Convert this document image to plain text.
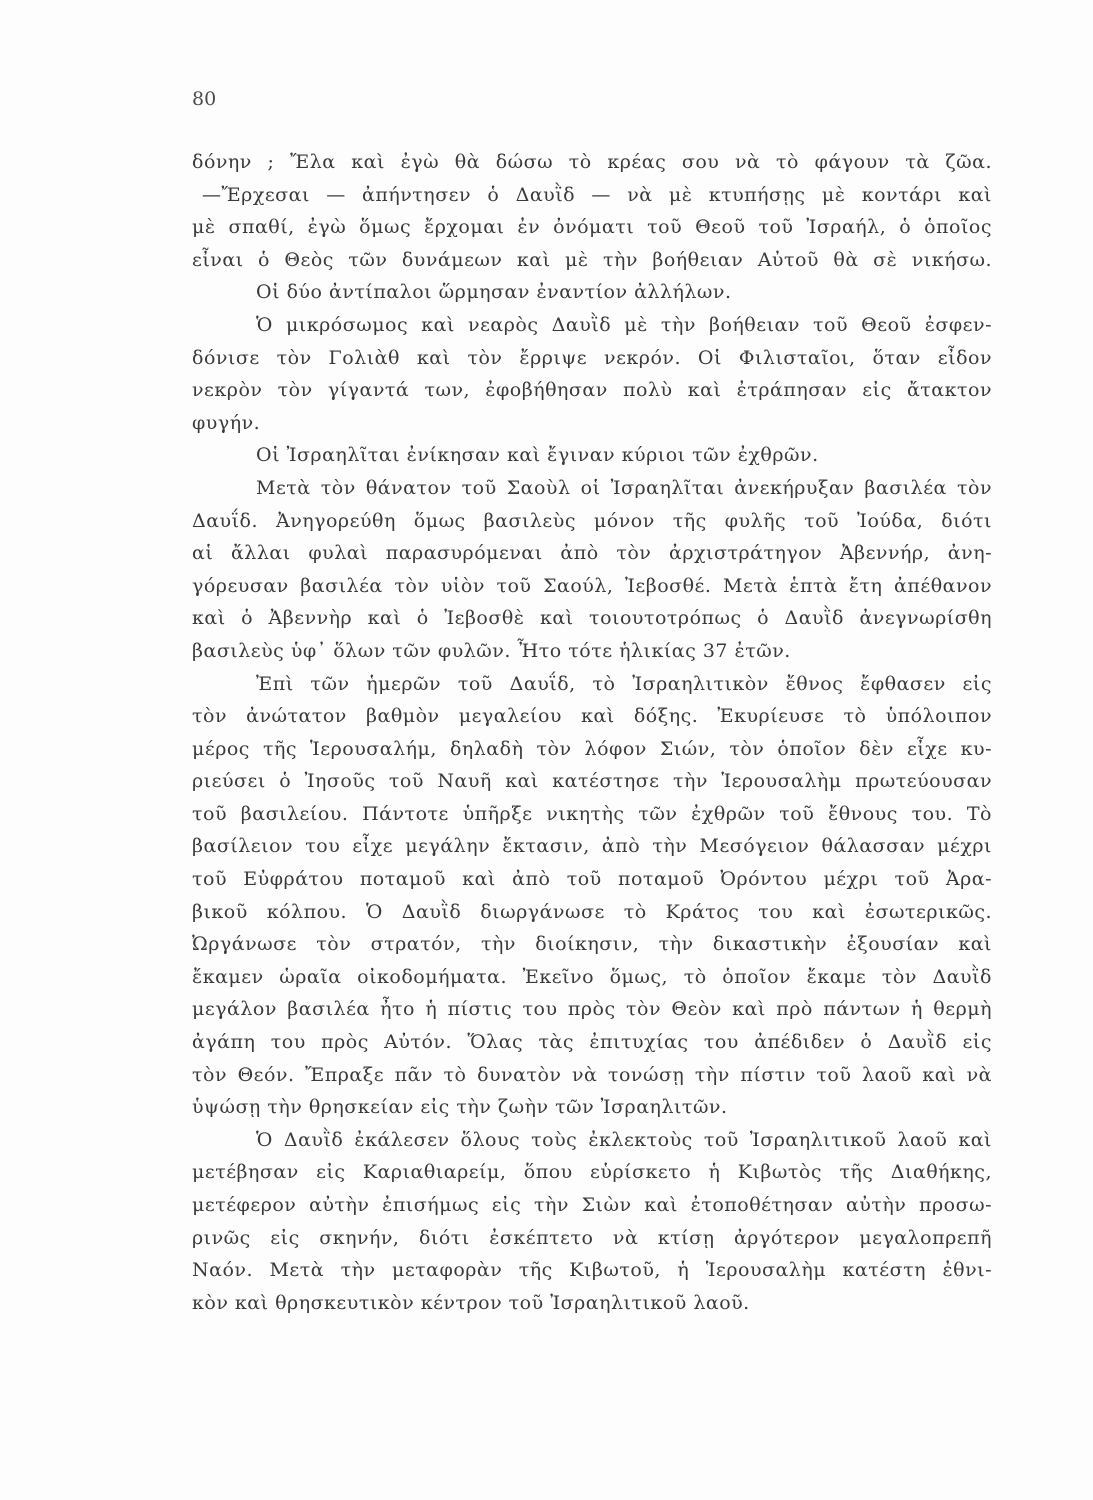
80
δόνην ; Ἔλα καὶ ἐγὼ θὰ δώσω τὸ κρέας σου νὰ τὸ φάγουν τὰ ζῶα.
—Ἔρχεσαι — ἀπήντησεν ὁ Δαυῒδ — νὰ μὲ κτυπήσῃς μὲ κοντάρι καὶ
μὲ σπαθί, ἐγὼ ὅμως ἔρχομαι ἐν ὀνόματι τοῦ Θεοῦ τοῦ Ἰσραήλ, ὁ ὁποῖος
εἶναι ὁ Θεὸς τῶν δυνάμεων καὶ μὲ τὴν βοήθειαν Αὐτοῦ θὰ σὲ νικήσω.
Οἱ δύο ἀντίπαλοι ὥρμησαν ἐναντίον ἀλλήλων.
Ὁ μικρόσωμος καὶ νεαρὸς Δαυῒδ μὲ τὴν βοήθειαν τοῦ Θεοῦ ἐσφεν-
δόνισε τὸν Γολιὰθ καὶ τὸν ἔρριψε νεκρόν. Οἱ Φιλισταῖοι, ὅταν εἶδον
νεκρὸν τὸν γίγαντά των, ἐφοβήθησαν πολὺ καὶ ἐτράπησαν εἰς ἄτακτον
φυγήν.
Οἱ Ἰσραηλῖται ἐνίκησαν καὶ ἔγιναν κύριοι τῶν ἐχθρῶν.
Μετὰ τὸν θάνατον τοῦ Σαοὺλ οἱ Ἰσραηλῖται ἀνεκήρυξαν βασιλέα τὸν
Δαυΐδ. Ἀνηγορεύθη ὅμως βασιλεὺς μόνον τῆς φυλῆς τοῦ Ἰούδα, διότι
αἱ ἄλλαι φυλαὶ παρασυρόμεναι ἀπὸ τὸν ἀρχιστράτηγον Ἀβεννήρ, ἀνη-
γόρευσαν βασιλέα τὸν υἱὸν τοῦ Σαούλ, Ἰεβοσθέ. Μετὰ ἑπτὰ ἔτη ἀπέθανον
καὶ ὁ Ἀβεννὴρ καὶ ὁ Ἰεβοσθὲ καὶ τοιουτοτρόπως ὁ Δαυῒδ ἀνεγνωρίσθη
βασιλεὺς ὑφ᾽ ὅλων τῶν φυλῶν. Ἦτο τότε ἡλικίας 37 ἐτῶν.
Ἐπὶ τῶν ἡμερῶν τοῦ Δαυΐδ, τὸ Ἰσραηλιτικὸν ἔθνος ἔφθασεν εἰς
τὸν ἀνώτατον βαθμὸν μεγαλείου καὶ δόξης. Ἐκυρίευσε τὸ ὑπόλοιπον
μέρος τῆς Ἱερουσαλήμ, δηλαδὴ τὸν λόφον Σιών, τὸν ὁποῖον δὲν εἶχε κυ-
ριεύσει ὁ Ἰησοῦς τοῦ Ναυῆ καὶ κατέστησε τὴν Ἱερουσαλὴμ πρωτεύουσαν
τοῦ βασιλείου. Πάντοτε ὑπῆρξε νικητὴς τῶν ἐχθρῶν τοῦ ἔθνους του. Τὸ
βασίλειον του εἶχε μεγάλην ἔκτασιν, ἀπὸ τὴν Μεσόγειον θάλασσαν μέχρι
τοῦ Εὐφράτου ποταμοῦ καὶ ἀπὸ τοῦ ποταμοῦ Ὀρόντου μέχρι τοῦ Ἀρα-
βικοῦ κόλπου. Ὁ Δαυῒδ διωργάνωσε τὸ Κράτος του καὶ ἐσωτερικῶς.
Ὠργάνωσε τὸν στρατόν, τὴν διοίκησιν, τὴν δικαστικὴν ἐξουσίαν καὶ
ἔκαμεν ὡραῖα οἰκοδομήματα. Ἐκεῖνο ὅμως, τὸ ὁποῖον ἔκαμε τὸν Δαυῒδ
μεγάλον βασιλέα ἦτο ἡ πίστις του πρὸς τὸν Θεὸν καὶ πρὸ πάντων ἡ θερμὴ
ἀγάπη του πρὸς Αὐτόν. Ὅλας τὰς ἐπιτυχίας του ἀπέδιδεν ὁ Δαυῒδ εἰς
τὸν Θεόν. Ἔπραξε πᾶν τὸ δυνατὸν νὰ τονώσῃ τὴν πίστιν τοῦ λαοῦ καὶ νὰ
ὑψώσῃ τὴν θρησκείαν εἰς τὴν ζωὴν τῶν Ἰσραηλιτῶν.
Ὁ Δαυῒδ ἐκάλεσεν ὅλους τοὺς ἐκλεκτοὺς τοῦ Ἰσραηλιτικοῦ λαοῦ καὶ
μετέβησαν εἰς Καριαθιαρείμ, ὅπου εὑρίσκετο ἡ Κιβωτὸς τῆς Διαθήκης,
μετέφερον αὐτὴν ἐπισήμως εἰς τὴν Σιὼν καὶ ἐτοποθέτησαν αὐτὴν προσω-
ρινῶς εἰς σκηνήν, διότι ἐσκέπτετο νὰ κτίσῃ ἀργότερον μεγαλοπρεπῆ
Ναόν. Μετὰ τὴν μεταφορὰν τῆς Κιβωτοῦ, ἡ Ἱερουσαλὴμ κατέστη ἐθνι-
κὸν καὶ θρησκευτικὸν κέντρον τοῦ Ἰσραηλιτικοῦ λαοῦ.
